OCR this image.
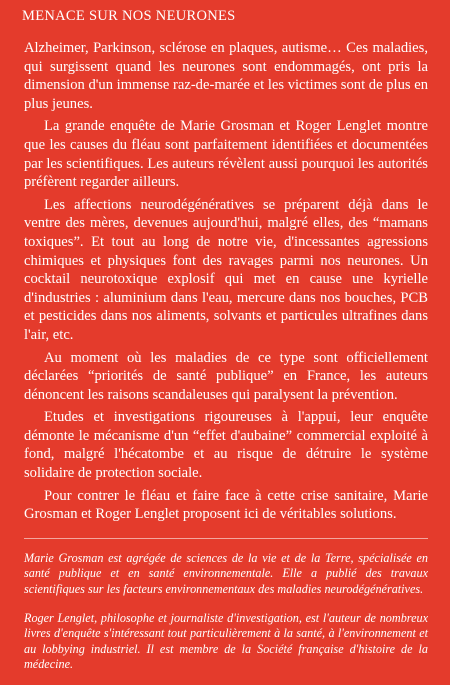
MENACE SUR NOS NEURONES

Alzheimer, Parkinson, sclérose en plaques, autisme… Ces maladies, qui surgissent quand les neurones sont endommagés, ont pris la dimension d'un immense raz-de-marée et les victimes sont de plus en plus jeunes.

La grande enquête de Marie Grosman et Roger Lenglet montre que les causes du fléau sont parfaitement identifiées et documentées par les scientifiques. Les auteurs révèlent aussi pourquoi les autorités préfèrent regarder ailleurs.

Les affections neurodégénératives se préparent déjà dans le ventre des mères, devenues aujourd'hui, malgré elles, des “mamans toxiques”. Et tout au long de notre vie, d'incessantes agressions chimiques et physiques font des ravages parmi nos neurones. Un cocktail neurotoxique explosif qui met en cause une kyrielle d'industries : aluminium dans l'eau, mercure dans nos bouches, PCB et pesticides dans nos aliments, solvants et particules ultrafines dans l'air, etc.

Au moment où les maladies de ce type sont officiellement déclarées “priorités de santé publique” en France, les auteurs dénoncent les raisons scandaleuses qui paralysent la prévention.

Etudes et investigations rigoureuses à l'appui, leur enquête démonte le mécanisme d'un “effet d'aubaine” commercial exploité à fond, malgré l'hécatombe et au risque de détruire le système solidaire de protection sociale.

Pour contrer le fléau et faire face à cette crise sanitaire, Marie Grosman et Roger Lenglet proposent ici de véritables solutions.

Marie Grosman est agrégée de sciences de la vie et de la Terre, spécialisée en santé publique et en santé environnementale. Elle a publié des travaux scientifiques sur les facteurs environnementaux des maladies neurodégénératives.

Roger Lenglet, philosophe et journaliste d'investigation, est l'auteur de nombreux livres d'enquête s'intéressant tout particulièrement à la santé, à l'environnement et au lobbying industriel. Il est membre de la Société française d'histoire de la médecine.
